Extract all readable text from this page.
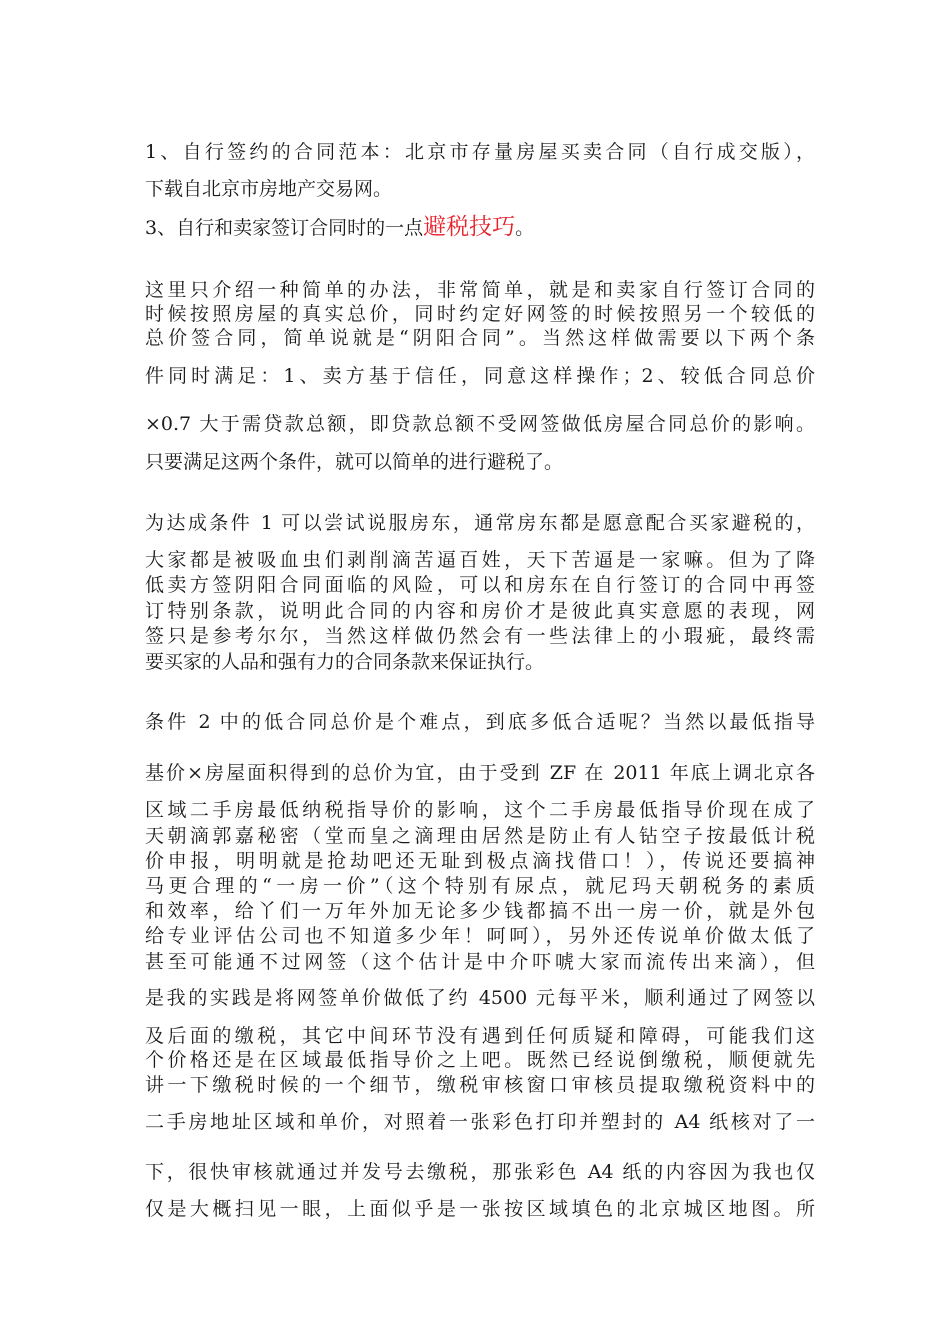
1、自行签约的合同范本：北京市存量房屋买卖合同（自行成交版），

下载自北京市房地产交易网。

3、自行和卖家签订合同时的一点避税技巧。

这里只介绍一种简单的办法，非常简单，就是和卖家自行签订合同的

时候按照房屋的真实总价，同时约定好网签的时候按照另一个较低的

总价签合同，简单说就是“阴阳合同”。当然这样做需要以下两个条

件同时满足：1、卖方基于信任，同意这样操作；2、较低合同总价

×0.7 大于需贷款总额，即贷款总额不受网签做低房屋合同总价的影响。

只要满足这两个条件，就可以简单的进行避税了。

为达成条件 1 可以尝试说服房东，通常房东都是愿意配合买家避税的，

大家都是被吸血虫们剥削滴苦逼百姓，天下苦逼是一家嘛。但为了降

低卖方签阴阳合同面临的风险，可以和房东在自行签订的合同中再签

订特别条款，说明此合同的内容和房价才是彼此真实意愿的表现，网

签只是参考尔尔，当然这样做仍然会有一些法律上的小瑕疵，最终需

要买家的人品和强有力的合同条款来保证执行。

条件 2 中的低合同总价是个难点，到底多低合适呢？当然以最低指导

基价×房屋面积得到的总价为宜，由于受到 ZF 在 2011 年底上调北京各

区域二手房最低纳税指导价的影响，这个二手房最低指导价现在成了

天朝滴郭嘉秘密（堂而皇之滴理由居然是防止有人钻空子按最低计税

价申报，明明就是抢劫吧还无耻到极点滴找借口！），传说还要搞神

马更合理的“一房一价”（这个特别有尿点，就尼玛天朝税务的素质

和效率，给丫们一万年外加无论多少钱都搞不出一房一价，就是外包

给专业评估公司也不知道多少年！呵呵），另外还传说单价做太低了

甚至可能通不过网签（这个估计是中介吓唬大家而流传出来滴），但

是我的实践是将网签单价做低了约 4500 元每平米，顺利通过了网签以

及后面的缴税，其它中间环节没有遇到任何质疑和障碍，可能我们这

个价格还是在区域最低指导价之上吧。既然已经说倒缴税，顺便就先

讲一下缴税时候的一个细节，缴税审核窗口审核员提取缴税资料中的

二手房地址区域和单价，对照着一张彩色打印并塑封的 A4 纸核对了一

下，很快审核就通过并发号去缴税，那张彩色 A4 纸的内容因为我也仅

仅是大概扫见一眼，上面似乎是一张按区域填色的北京城区地图。所
